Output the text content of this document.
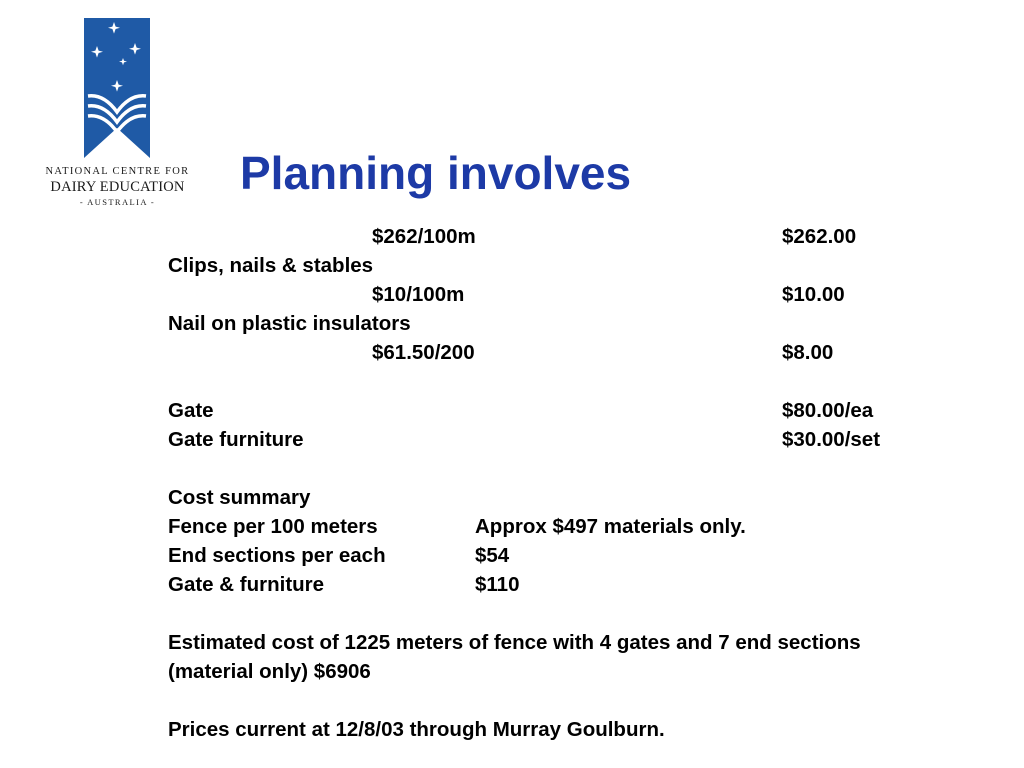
NATIONAL CENTRE FOR
DAIRY EDUCATION
- AUSTRALIA -
Planning involves
$262/100m	$262.00
Clips, nails & stables
$10/100m	$10.00
Nail on plastic insulators
$61.50/200	$8.00
Gate	$80.00/ea
Gate furniture	$30.00/set
Cost summary
Fence per 100 meters	Approx $497 materials only.
End sections per each	$54
Gate & furniture	$110
Estimated cost of 1225 meters of fence with 4 gates and 7 end sections
(material only) $6906
Prices current at 12/8/03 through Murray Goulburn.
